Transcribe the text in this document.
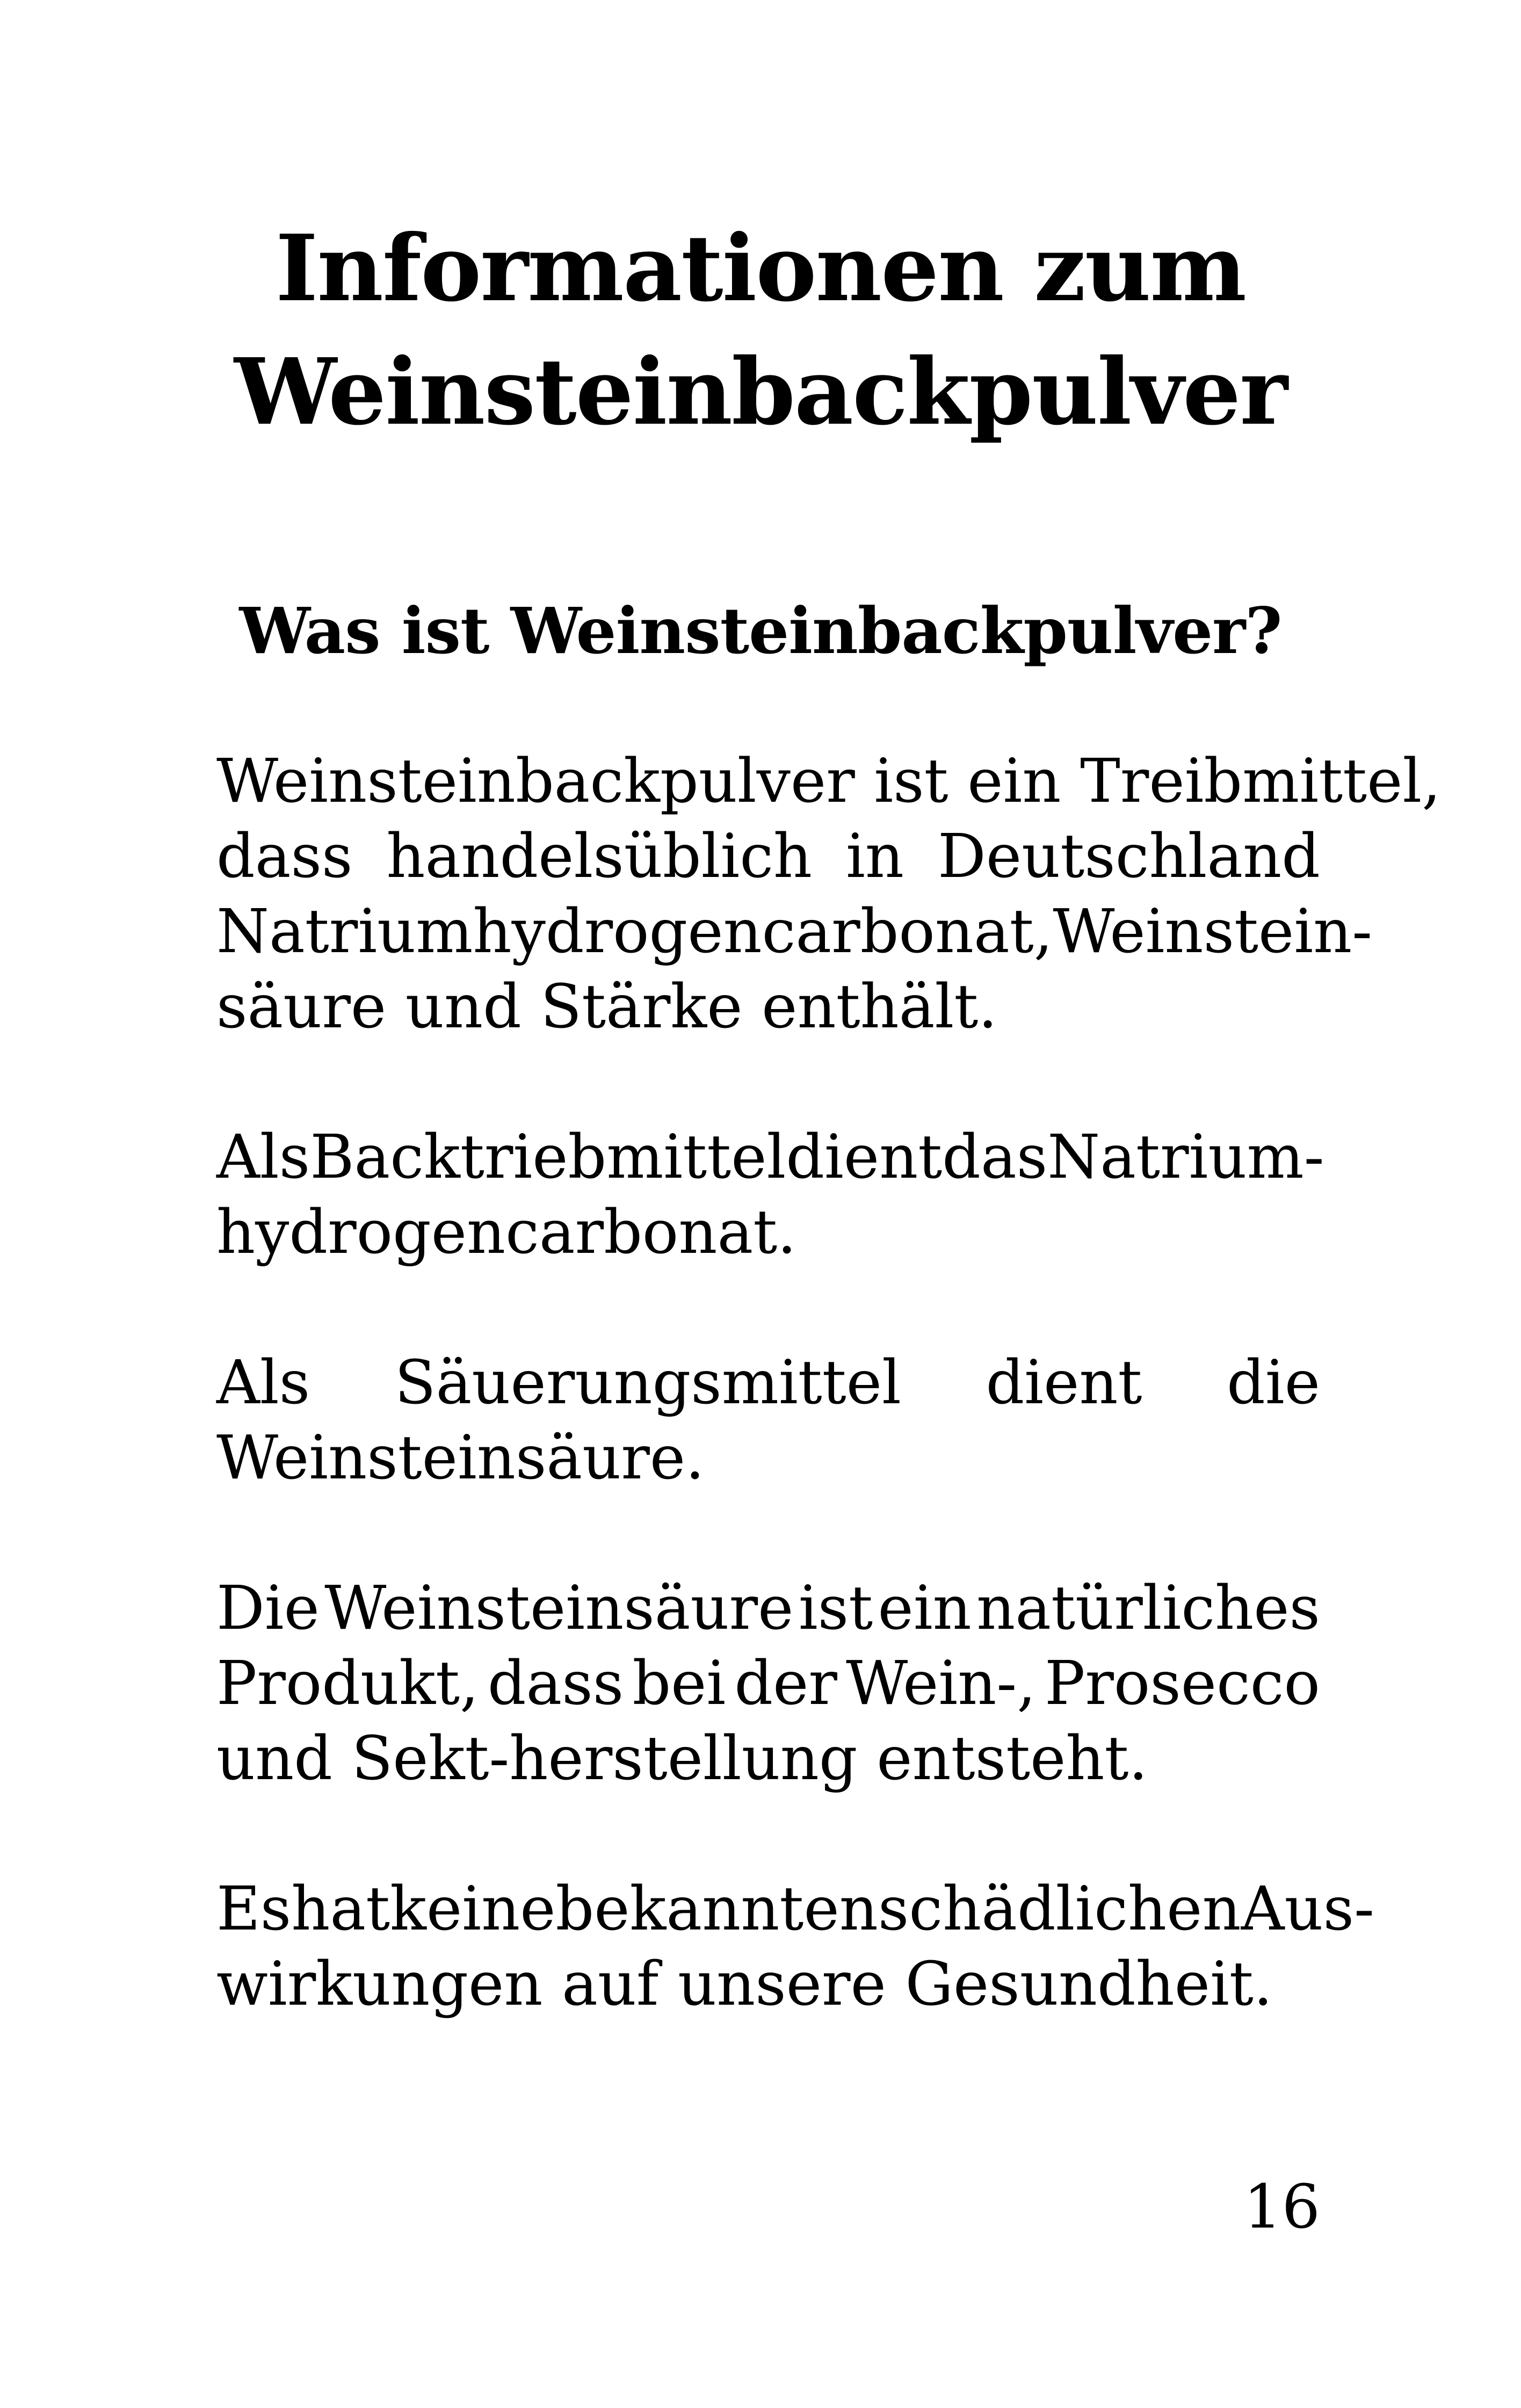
Informationen zum
Weinsteinbackpulver
Was ist Weinsteinbackpulver?
Weinsteinbackpulver ist ein Treibmittel,
dass handelsüblich in Deutschland
Natriumhydrogencarbonat, Weinstein-
säure und Stärke enthält.
Als Backtriebmittel dient das Natrium-
hydrogencarbonat.
Als Säuerungsmittel dient die
Weinsteinsäure.
Die Weinsteinsäure ist ein natürliches
Produkt, dass bei der Wein-, Prosecco
und Sekt-herstellung entsteht.
Es hat keine bekannten schädlichen Aus-
wirkungen auf unsere Gesundheit.
16
